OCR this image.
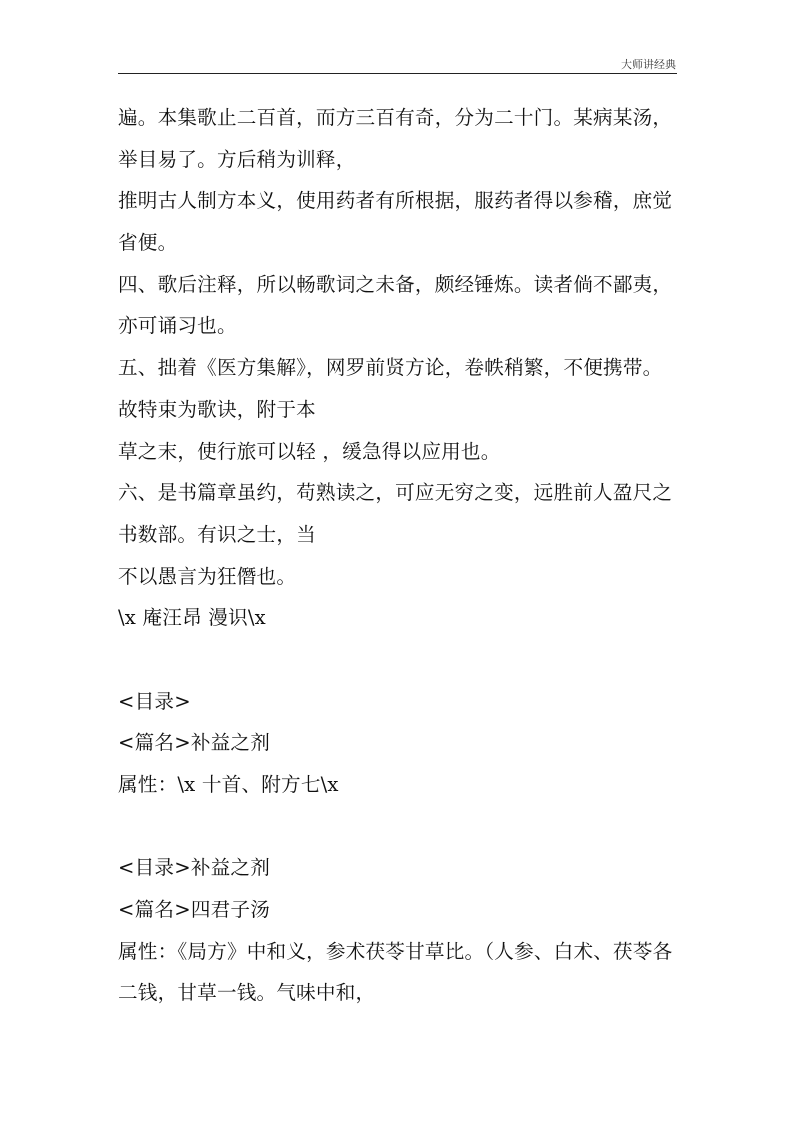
大师讲经典
遍。本集歌止二百首，而方三百有奇，分为二十门。某病某汤，
举目易了。方后稍为训释，
推明古人制方本义，使用药者有所根据，服药者得以参稽，庶觉
省便。
四、歌后注释，所以畅歌词之未备，颇经锤炼。读者倘不鄙夷，
亦可诵习也。
五、拙着《医方集解》，网罗前贤方论，卷帙稍繁，不便携带。
故特束为歌诀，附于本
草之末，使行旅可以轻 ，缓急得以应用也。
六、是书篇章虽约，苟熟读之，可应无穷之变，远胜前人盈尺之
书数部。有识之士，当
不以愚言为狂僭也。
\x 庵汪昂 漫识\x
<目录>
<篇名>补益之剂
属性：\x 十首、附方七\x
<目录>补益之剂
<篇名>四君子汤
属性：《局方》中和义，参术茯苓甘草比。（人参、白术、茯苓各
二钱，甘草一钱。气味中和，
